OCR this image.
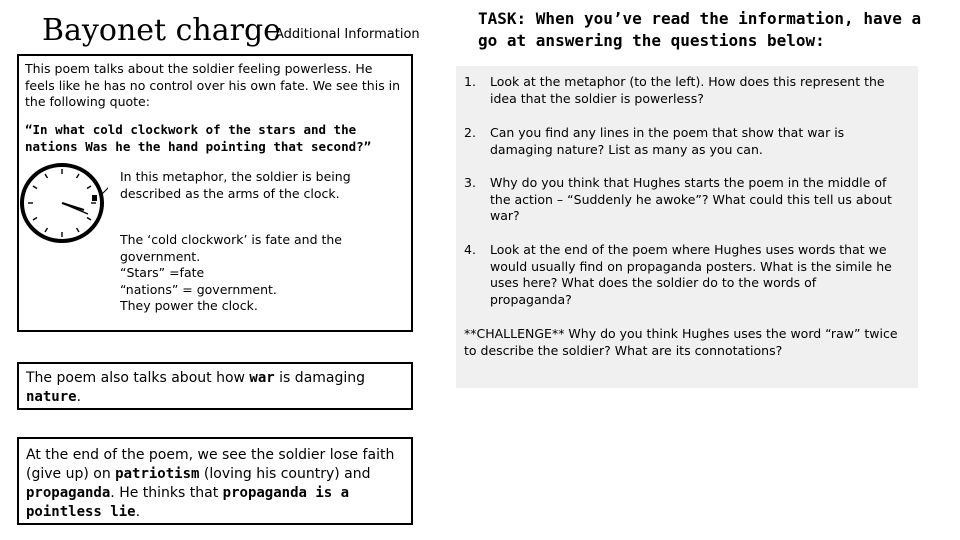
Bayonet charge
Additional Information
TASK: When you’ve read the information, have a go at answering the questions below:
This poem talks about the soldier feeling powerless. He feels like he has no control over his own fate. We see this in the following quote:
“In what cold clockwork of the stars and the nations Was he the hand pointing that second?”
In this metaphor, the soldier is being described as the arms of the clock.
The ‘cold clockwork’ is fate and the government.
“Stars” =fate
“nations” = government.
They power the clock.
The poem also talks about how war is damaging nature.
At the end of the poem, we see the soldier lose faith (give up) on patriotism (loving his country) and propaganda. He thinks that propaganda is a pointless lie.
1. Look at the metaphor (to the left). How does this represent the idea that the soldier is powerless?
2. Can you find any lines in the poem that show that war is damaging nature? List as many as you can.
3. Why do you think that Hughes starts the poem in the middle of the action – “Suddenly he awoke”? What could this tell us about war?
4. Look at the end of the poem where Hughes uses words that we would usually find on propaganda posters. What is the simile he uses here? What does the soldier do to the words of propaganda?
**CHALLENGE** Why do you think Hughes uses the word “raw” twice to describe the soldier? What are its connotations?
